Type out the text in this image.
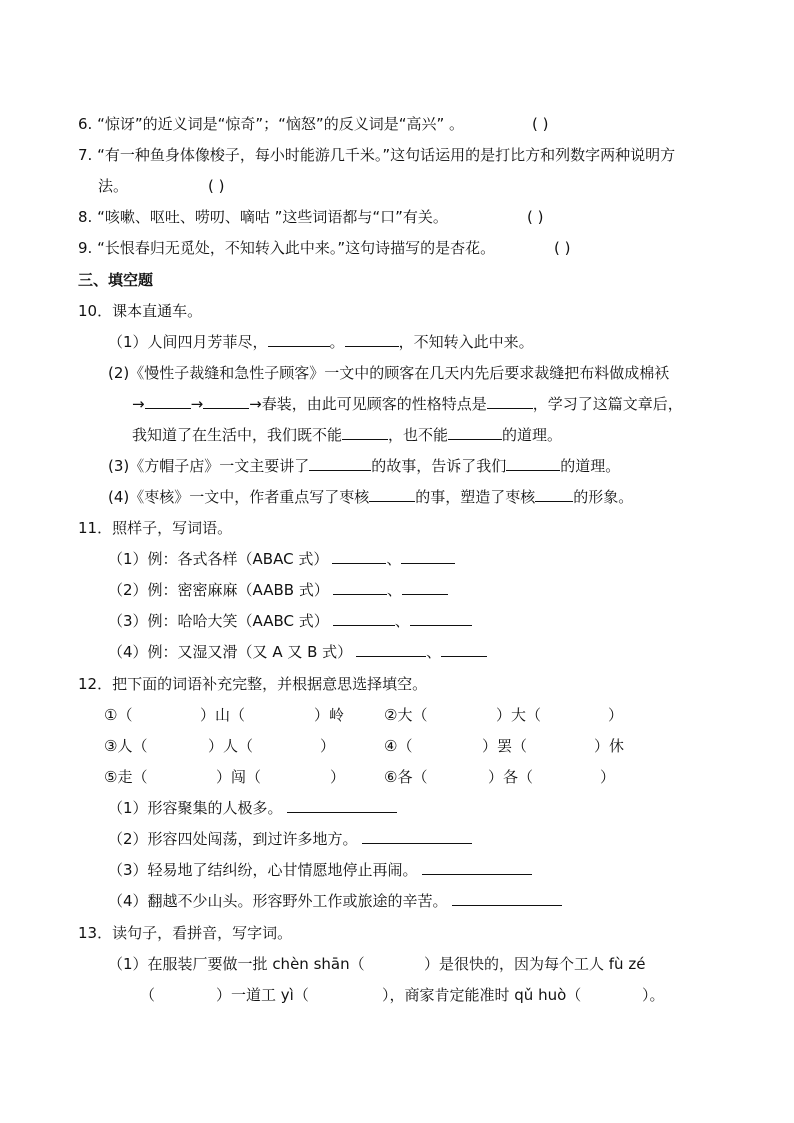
6. “惊讶”的近义词是“惊奇”；“恼怒”的反义词是“高兴” 。	( )
7. “有一种鱼身体像梭子，每小时能游几千米。”这句话运用的是打比方和列数字两种说明方
法。	( )
8. “咳嗽、呕吐、唠叨、嘀咕 ”这些词语都与“口”有关。	( )
9. “长恨春归无觅处，不知转入此中来。”这句诗描写的是杏花。	( )
三、填空题
10．课本直通车。
（1）人间四月芳菲尽，	。	，不知转入此中来。
(2)《慢性子裁缝和急性子顾客》一文中的顾客在几天内先后要求裁缝把布料做成棉袄
→	→	→春装，由此可见顾客的性格特点是	，学习了这篇文章后，
我知道了在生活中，我们既不能	，也不能	的道理。
(3)《方帽子店》一文主要讲了	的故事，告诉了我们	的道理。
(4)《枣核》一文中，作者重点写了枣核	的事，塑造了枣核	的形象。
11．照样子，写词语。
（1）例：各式各样（ABAC 式）	、
（2）例：密密麻麻（AABB 式）	、
（3）例：哈哈大笑（AABC 式）	、
（4）例：又湿又滑（又 A 又 B 式）	、
12．把下面的词语补充完整，并根据意思选择填空。
①（	）山（	）岭	②大（	）大（	）
③人（	）人（	）	④（	）罢（	）休
⑤走（	）闯（	）	⑥各（	）各（	）
（1）形容聚集的人极多。
（2）形容四处闯荡，到过许多地方。
（3）轻易地了结纠纷，心甘情愿地停止再闹。
（4）翻越不少山头。形容野外工作或旅途的辛苦。
13．读句子，看拼音，写字词。
（1）在服装厂要做一批 chèn shān（	）是很快的，因为每个工人 fù zé
（	）一道工 yì（	），商家肯定能准时 qǔ huò（	）。
